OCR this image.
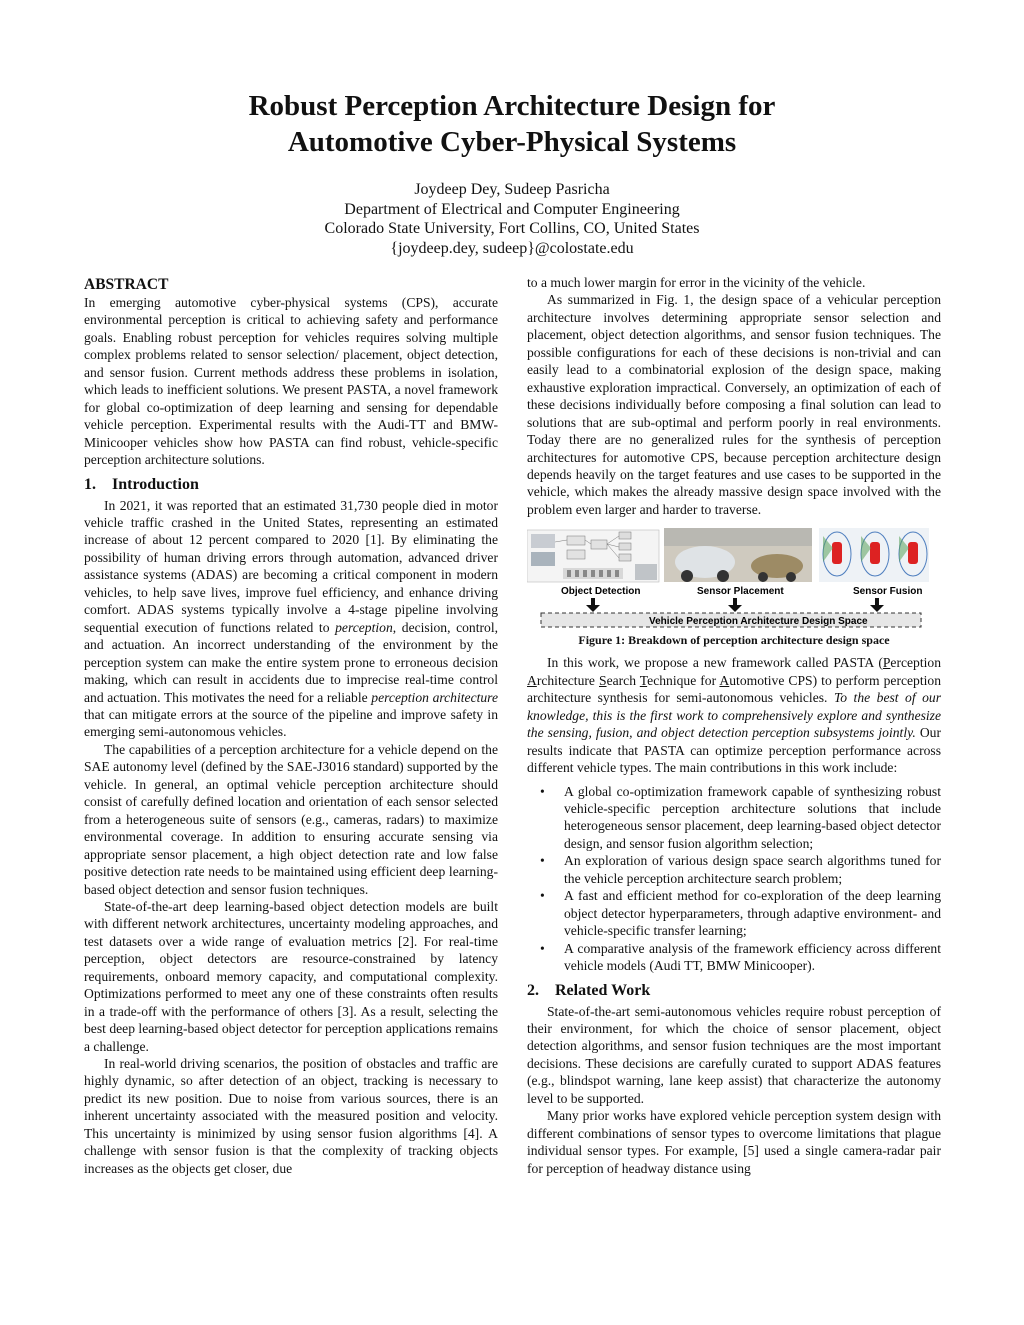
Robust Perception Architecture Design for
Automotive Cyber-Physical Systems
Joydeep Dey, Sudeep Pasricha
Department of Electrical and Computer Engineering
Colorado State University, Fort Collins, CO, United States
{joydeep.dey, sudeep}@colostate.edu
ABSTRACT

In emerging automotive cyber-physical systems (CPS), accurate environmental perception is critical to achieving safety and performance goals. Enabling robust perception for vehicles requires solving multiple complex problems related to sensor selection/ placement, object detection, and sensor fusion. Current methods address these problems in isolation, which leads to inefficient solutions. We present PASTA, a novel framework for global co-optimization of deep learning and sensing for dependable vehicle perception. Experimental results with the Audi-TT and BMW-Minicooper vehicles show how PASTA can find robust, vehicle-specific perception architecture solutions.

1. Introduction

In 2021, it was reported that an estimated 31,730 people died in motor vehicle traffic crashed in the United States, representing an estimated increase of about 12 percent compared to 2020 [1]. By eliminating the possibility of human driving errors through automation, advanced driver assistance systems (ADAS) are becoming a critical component in modern vehicles, to help save lives, improve fuel efficiency, and enhance driving comfort. ADAS systems typically involve a 4-stage pipeline involving sequential execution of functions related to perception, decision, control, and actuation. An incorrect understanding of the environment by the perception system can make the entire system prone to erroneous decision making, which can result in accidents due to imprecise real-time control and actuation. This motivates the need for a reliable perception architecture that can mitigate errors at the source of the pipeline and improve safety in emerging semi-autonomous vehicles.

The capabilities of a perception architecture for a vehicle depend on the SAE autonomy level (defined by the SAE-J3016 standard) supported by the vehicle. In general, an optimal vehicle perception architecture should consist of carefully defined location and orientation of each sensor selected from a heterogeneous suite of sensors (e.g., cameras, radars) to maximize environmental coverage. In addition to ensuring accurate sensing via appropriate sensor placement, a high object detection rate and low false positive detection rate needs to be maintained using efficient deep learning-based object detection and sensor fusion techniques.

State-of-the-art deep learning-based object detection models are built with different network architectures, uncertainty modeling approaches, and test datasets over a wide range of evaluation metrics [2]. For real-time perception, object detectors are resource-constrained by latency requirements, onboard memory capacity, and computational complexity. Optimizations performed to meet any one of these constraints often results in a trade-off with the performance of others [3]. As a result, selecting the best deep learning-based object detector for perception applications remains a challenge.

In real-world driving scenarios, the position of obstacles and traffic are highly dynamic, so after detection of an object, tracking is necessary to predict its new position. Due to noise from various sources, there is an inherent uncertainty associated with the measured position and velocity. This uncertainty is minimized by using sensor fusion algorithms [4]. A challenge with sensor fusion is that the complexity of tracking objects increases as the objects get closer, due

to a much lower margin for error in the vicinity of the vehicle.

As summarized in Fig. 1, the design space of a vehicular perception architecture involves determining appropriate sensor selection and placement, object detection algorithms, and sensor fusion techniques. The possible configurations for each of these decisions is non-trivial and can easily lead to a combinatorial explosion of the design space, making exhaustive exploration impractical. Conversely, an optimization of each of these decisions individually before composing a final solution can lead to solutions that are sub-optimal and perform poorly in real environments. Today there are no generalized rules for the synthesis of perception architectures for automotive CPS, because perception architecture design depends heavily on the target features and use cases to be supported in the vehicle, which makes the already massive design space involved with the problem even larger and harder to traverse.

Object Detection	Sensor Placement	Sensor Fusion
Vehicle Perception Architecture Design Space

Figure 1: Breakdown of perception architecture design space

In this work, we propose a new framework called PASTA (Perception Architecture Search Technique for Automotive CPS) to perform perception architecture synthesis for semi-autonomous vehicles. To the best of our knowledge, this is the first work to comprehensively explore and synthesize the sensing, fusion, and object detection perception subsystems jointly. Our results indicate that PASTA can optimize perception performance across different vehicle types. The main contributions in this work include:

• A global co-optimization framework capable of synthesizing robust vehicle-specific perception architecture solutions that include heterogeneous sensor placement, deep learning-based object detector design, and sensor fusion algorithm selection;
• An exploration of various design space search algorithms tuned for the vehicle perception architecture search problem;
• A fast and efficient method for co-exploration of the deep learning object detector hyperparameters, through adaptive environment- and vehicle-specific transfer learning;
• A comparative analysis of the framework efficiency across different vehicle models (Audi TT, BMW Minicooper).
2. Related Work

State-of-the-art semi-autonomous vehicles require robust perception of their environment, for which the choice of sensor placement, object detection algorithms, and sensor fusion techniques are the most important decisions. These decisions are carefully curated to support ADAS features (e.g., blindspot warning, lane keep assist) that characterize the autonomy level to be supported.

Many prior works have explored vehicle perception system design with different combinations of sensor types to overcome limitations that plague individual sensor types. For example, [5] used a single camera-radar pair for perception of headway distance using
